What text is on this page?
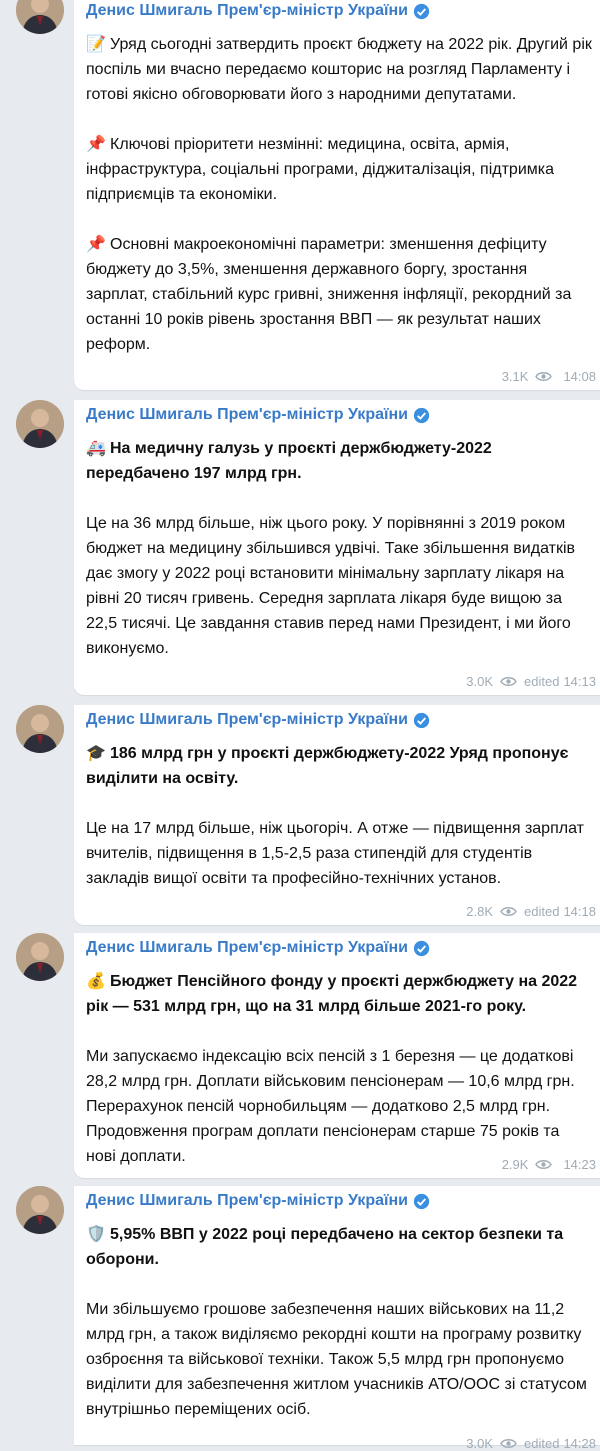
Денис Шмигаль Прем'єр-міністр України

📝 Уряд сьогодні затвердить проєкт бюджету на 2022 рік. Другий рік поспіль ми вчасно передаємо кошторис на розгляд Парламенту і готові якісно обговорювати його з народними депутатами.

📌 Ключові пріоритети незмінні: медицина, освіта, армія, інфраструктура, соціальні програми, діджиталізація, підтримка підприємців та економіки.

📌 Основні макроекономічні параметри: зменшення дефіциту бюджету до 3,5%, зменшення державного боргу, зростання зарплат, стабільний курс гривні, зниження інфляції, рекордний за останні 10 років рівень зростання ВВП — як результат наших реформ.

3.1K	14:08
Денис Шмигаль Прем'єр-міністр України

🚑 На медичну галузь у проєкті держбюджету-2022 передбачено 197 млрд грн.

Це на 36 млрд більше, ніж цього року. У порівнянні з 2019 роком бюджет на медицину збільшився удвічі. Таке збільшення видатків дає змогу у 2022 році встановити мінімальну зарплату лікаря на рівні 20 тисяч гривень. Середня зарплата лікаря буде вищою за 22,5 тисячі. Це завдання ставив перед нами Президент, і ми його виконуємо.

3.0K edited 14:13
Денис Шмигаль Прем'єр-міністр України

🎓 186 млрд грн у проєкті держбюджету-2022 Уряд пропонує виділити на освіту.

Це на 17 млрд більше, ніж цьогоріч. А отже — підвищення зарплат вчителів, підвищення в 1,5-2,5 раза стипендій для студентів закладів вищої освіти та професійно-технічних установ.

2.8K edited 14:18
Денис Шмигаль Прем'єр-міністр України

💰 Бюджет Пенсійного фонду у проєкті держбюджету на 2022 рік — 531 млрд грн, що на 31 млрд більше 2021-го року.

Ми запускаємо індексацію всіх пенсій з 1 березня — це додаткові 28,2 млрд грн. Доплати військовим пенсіонерам — 10,6 млрд грн. Перерахунок пенсій чорнобильцям — додатково 2,5 млрд грн. Продовження програм доплати пенсіонерам старше 75 років та нові доплати.	2.9K	14:23
Денис Шмигаль Прем'єр-міністр України

🛡️ 5,95% ВВП у 2022 році передбачено на сектор безпеки та оборони.

Ми збільшуємо грошове забезпечення наших військових на 11,2 млрд грн, а також виділяємо рекордні кошти на програму розвитку озброєння та військової техніки. Також 5,5 млрд грн пропонуємо виділити для забезпечення житлом учасників АТО/ООС зі статусом внутрішньо переміщених осіб.

3.0K edited 14:28
